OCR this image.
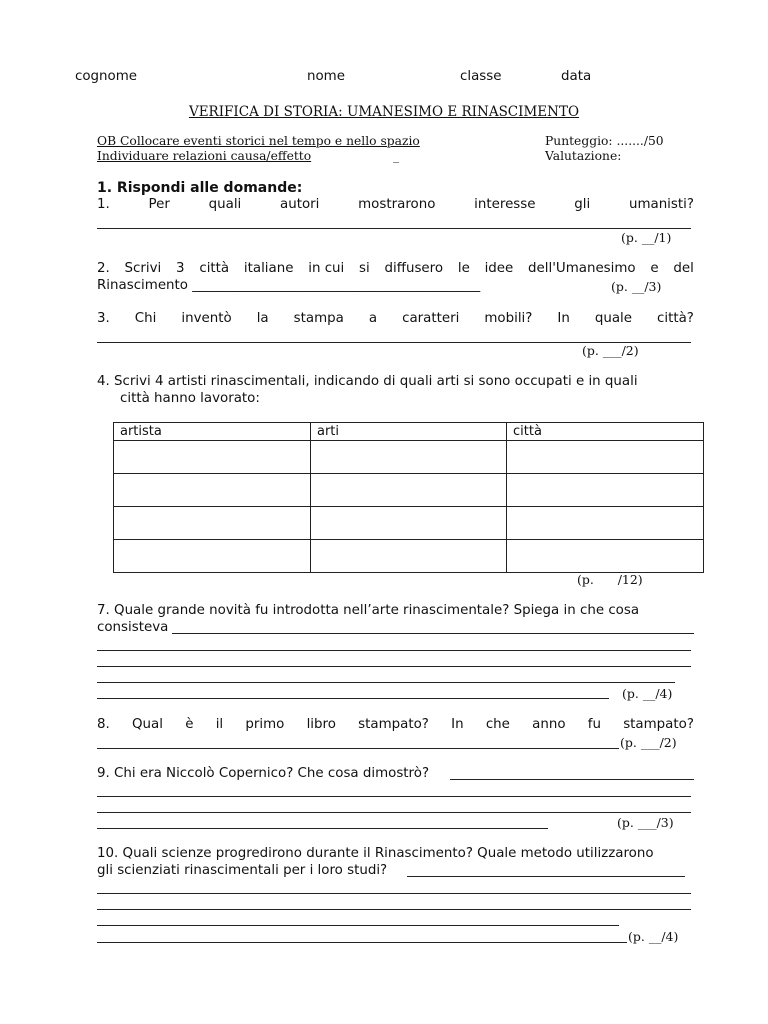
cognome	nome	classe	data
VERIFICA DI STORIA: UMANESIMO E RINASCIMENTO
OB Collocare eventi storici nel tempo e nello spazio
Individuare relazioni causa/effetto	_
Punteggio: ......./50
Valutazione:
1. Rispondi alle domande:
1.	Per	quali	autori	mostrarono	interesse	gli	umanisti?
(p. __/1)
2. Scrivi 3 città italiane in cui si diffusero le idee dell'Umanesimo e del
Rinascimento ___________________________________________	(p. __/3)
3. Chi inventò la stampa a caratteri mobili? In quale città?
(p. ___/2)
4. Scrivi 4 artisti rinascimentali, indicando di quali arti si sono occupati e in quali
città hanno lavorato:
artista	arti	città

(p.      /12)
7. Quale grande novità fu introdotta nell’arte rinascimentale? Spiega in che cosa
consisteva
(p. __/4)
8. Qual è il primo libro stampato? In che anno fu stampato?
(p. ___/2)
9. Chi era Niccolò Copernico? Che cosa dimostrò?
(p. ___/3)
10. Quali scienze progredirono durante il Rinascimento? Quale metodo utilizzarono
gli scienziati rinascimentali per i loro studi?
(p. __/4)
